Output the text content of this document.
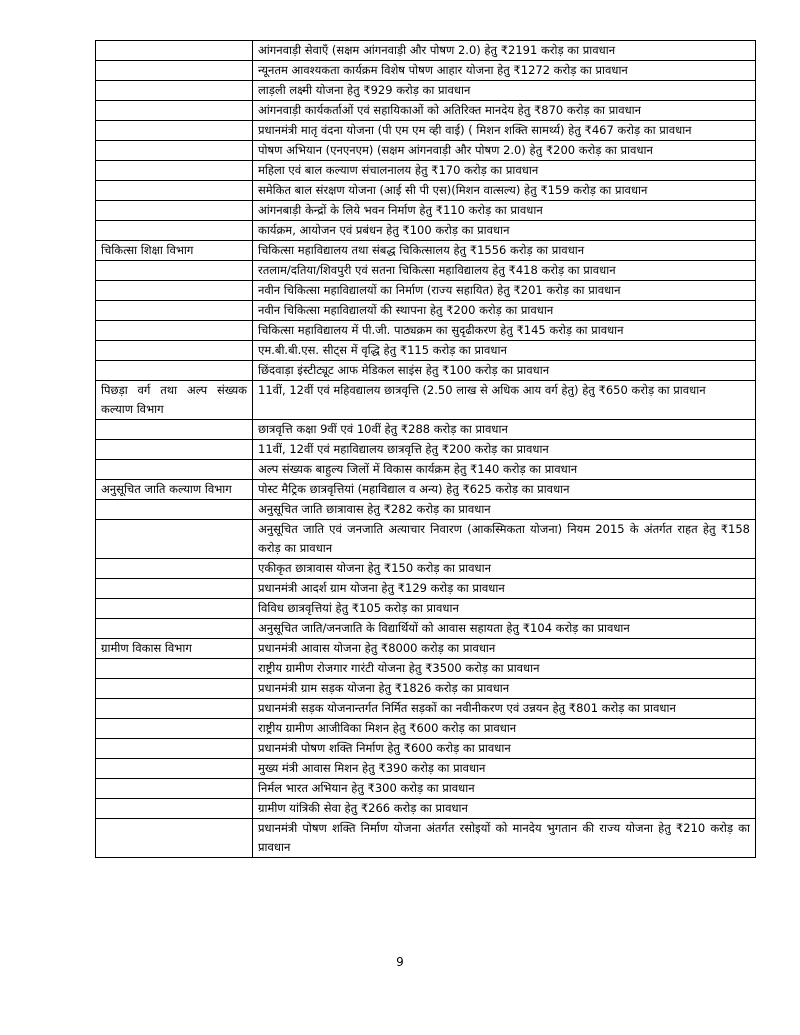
	आंगनवाड़ी सेवाएँ (सक्षम आंगनवाड़ी और पोषण 2.0) हेतु ₹2191 करोड़ का प्रावधान
	न्यूनतम आवश्यकता कार्यक्रम विशेष पोषण आहार योजना हेतु ₹1272 करोड़ का प्रावधान
	लाड़ली लक्ष्मी योजना हेतु ₹929 करोड़ का प्रावधान
	आंगनवाड़ी कार्यकर्ताओं एवं सहायिकाओं को अतिरिक्त मानदेय हेतु ₹870 करोड़ का प्रावधान
	प्रधानमंत्री मातृ वंदना योजना (पी एम एम व्ही वाई) ( मिशन शक्ति सामर्थ्य) हेतु ₹467 करोड़ का प्रावधान
	पोषण अभियान (एनएनएम) (सक्षम आंगनवाड़ी और पोषण 2.0) हेतु ₹200 करोड़ का प्रावधान
	महिला एवं बाल कल्याण संचालनालय हेतु ₹170 करोड़ का प्रावधान
	समेकित बाल संरक्षण योजना (आई सी पी एस)(मिशन वात्सल्य) हेतु ₹159 करोड़ का प्रावधान
	आंगनबाड़ी केन्द्रों के लिये भवन निर्माण हेतु ₹110 करोड़ का प्रावधान
	कार्यक्रम, आयोजन एवं प्रबंधन हेतु ₹100 करोड़ का प्रावधान
चिकित्सा शिक्षा विभाग	चिकित्सा महाविद्यालय तथा संबद्ध चिकित्सालय हेतु ₹1556 करोड़ का प्रावधान
	रतलाम/दतिया/शिवपुरी एवं सतना चिकित्सा महाविद्यालय हेतु ₹418 करोड़ का प्रावधान
	नवीन चिकित्सा महाविद्यालयों का निर्माण (राज्य सहायित) हेतु ₹201 करोड़ का प्रावधान
	नवीन चिकित्सा महाविद्यालयों की स्थापना हेतु ₹200 करोड़ का प्रावधान
	चिकित्सा महाविद्यालय में पी.जी. पाठ्यक्रम का सुदृढीकरण हेतु ₹145 करोड़ का प्रावधान
	एम.बी.बी.एस. सीट्स में वृद्धि हेतु ₹115 करोड़ का प्रावधान
	छिंदवाड़ा इंस्टीट्यूट आफ मेडिकल साइंस हेतु ₹100 करोड़ का प्रावधान
पिछड़ा वर्ग तथा अल्प संख्यक कल्याण विभाग	11वीं, 12वीं एवं महिवद्यालय छात्रवृत्ति (2.50 लाख से अधिक आय वर्ग हेतु) हेतु ₹650 करोड़ का प्रावधान
	छात्रवृत्ति कक्षा 9वीं एवं 10वीं हेतु ₹288 करोड़ का प्रावधान
	11वीं, 12वीं एवं महाविद्यालय छात्रवृत्ति हेतु ₹200 करोड़ का प्रावधान
	अल्प संख्यक बाहुल्य जिलों में विकास कार्यक्रम हेतु ₹140 करोड़ का प्रावधान
अनुसूचित जाति कल्याण विभाग	पोस्ट मैट्रिक छात्रवृत्तियां (महाविद्याल व अन्य) हेतु ₹625 करोड़ का प्रावधान
	अनुसूचित जाति छात्रावास हेतु ₹282 करोड़ का प्रावधान
	अनुसूचित जाति एवं जनजाति अत्याचार निवारण (आकस्मिकता योजना) नियम 2015 के अंतर्गत राहत हेतु ₹158 करोड़ का प्रावधान
	एकीकृत छात्रावास योजना हेतु ₹150 करोड़ का प्रावधान
	प्रधानमंत्री आदर्श ग्राम योजना हेतु ₹129 करोड़ का प्रावधान
	विविध छात्रवृत्तियां हेतु ₹105 करोड़ का प्रावधान
	अनुसूचित जाति/जनजाति के विद्यार्थियों को आवास सहायता हेतु ₹104 करोड़ का प्रावधान
ग्रामीण विकास विभाग	प्रधानमंत्री आवास योजना हेतु ₹8000 करोड़ का प्रावधान
	राष्ट्रीय ग्रामीण रोजगार गारंटी योजना हेतु ₹3500 करोड़ का प्रावधान
	प्रधानमंत्री ग्राम सड़क योजना हेतु ₹1826 करोड़ का प्रावधान
	प्रधानमंत्री सड़क योजनान्तर्गत निर्मित सड़कों का नवीनीकरण एवं उन्नयन हेतु ₹801 करोड़ का प्रावधान
	राष्ट्रीय ग्रामीण आजीविका मिशन हेतु ₹600 करोड़ का प्रावधान
	प्रधानमंत्री पोषण शक्ति निर्माण हेतु ₹600 करोड़ का प्रावधान
	मुख्य मंत्री आवास मिशन हेतु ₹390 करोड़ का प्रावधान
	निर्मल भारत अभियान हेतु ₹300 करोड़ का प्रावधान
	ग्रामीण यांत्रिकी सेवा हेतु ₹266 करोड़ का प्रावधान
	प्रधानमंत्री पोषण शक्ति निर्माण योजना अंतर्गत रसोइयों को मानदेय भुगतान की राज्य योजना हेतु ₹210 करोड़ का प्रावधान
9
